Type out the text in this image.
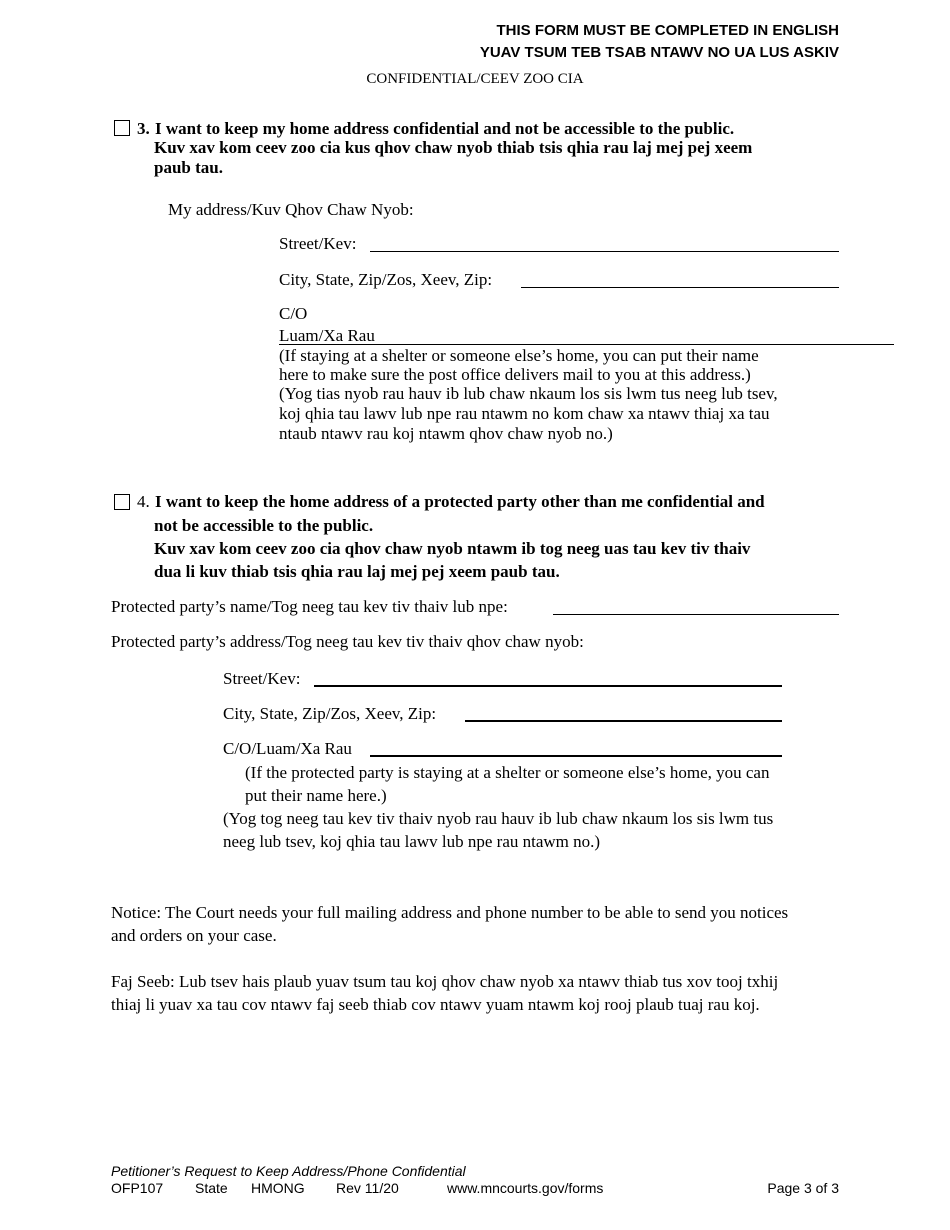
THIS FORM MUST BE COMPLETED IN ENGLISH
YUAV TSUM TEB TSAB NTAWV NO UA LUS ASKIV
CONFIDENTIAL/CEEV ZOO CIA
3. I want to keep my home address confidential and not be accessible to the public.
Kuv xav kom ceev zoo cia kus qhov chaw nyob thiab tsis qhia rau laj mej pej xeem
paub tau.
My address/Kuv Qhov Chaw Nyob:
Street/Kev:
City, State, Zip/Zos, Xeev, Zip:
C/O
Luam/Xa Rau
(If staying at a shelter or someone else’s home, you can put their name
here to make sure the post office delivers mail to you at this address.)
(Yog tias nyob rau hauv ib lub chaw nkaum los sis lwm tus neeg lub tsev,
koj qhia tau lawv lub npe rau ntawm no kom chaw xa ntawv thiaj xa tau
ntaub ntawv rau koj ntawm qhov chaw nyob no.)
4. I want to keep the home address of a protected party other than me confidential and
not be accessible to the public.
Kuv xav kom ceev zoo cia qhov chaw nyob ntawm ib tog neeg uas tau kev tiv thaiv
dua li kuv thiab tsis qhia rau laj mej pej xeem paub tau.
Protected party’s name/Tog neeg tau kev tiv thaiv lub npe:
Protected party’s address/Tog neeg tau kev tiv thaiv qhov chaw nyob:
Street/Kev:
City, State, Zip/Zos, Xeev, Zip:
C/O/Luam/Xa Rau
(If the protected party is staying at a shelter or someone else’s home, you can
put their name here.)
(Yog tog neeg tau kev tiv thaiv nyob rau hauv ib lub chaw nkaum los sis lwm tus
neeg lub tsev, koj qhia tau lawv lub npe rau ntawm no.)
Notice: The Court needs your full mailing address and phone number to be able to send you notices
and orders on your case.
Faj Seeb: Lub tsev hais plaub yuav tsum tau koj qhov chaw nyob xa ntawv thiab tus xov tooj txhij
thiaj li yuav xa tau cov ntawv faj seeb thiab cov ntawv yuam ntawm koj rooj plaub tuaj rau koj.
Petitioner’s Request to Keep Address/Phone Confidential
OFP107 State HMONG Rev 11/20	www.mncourts.gov/forms	Page 3 of 3
